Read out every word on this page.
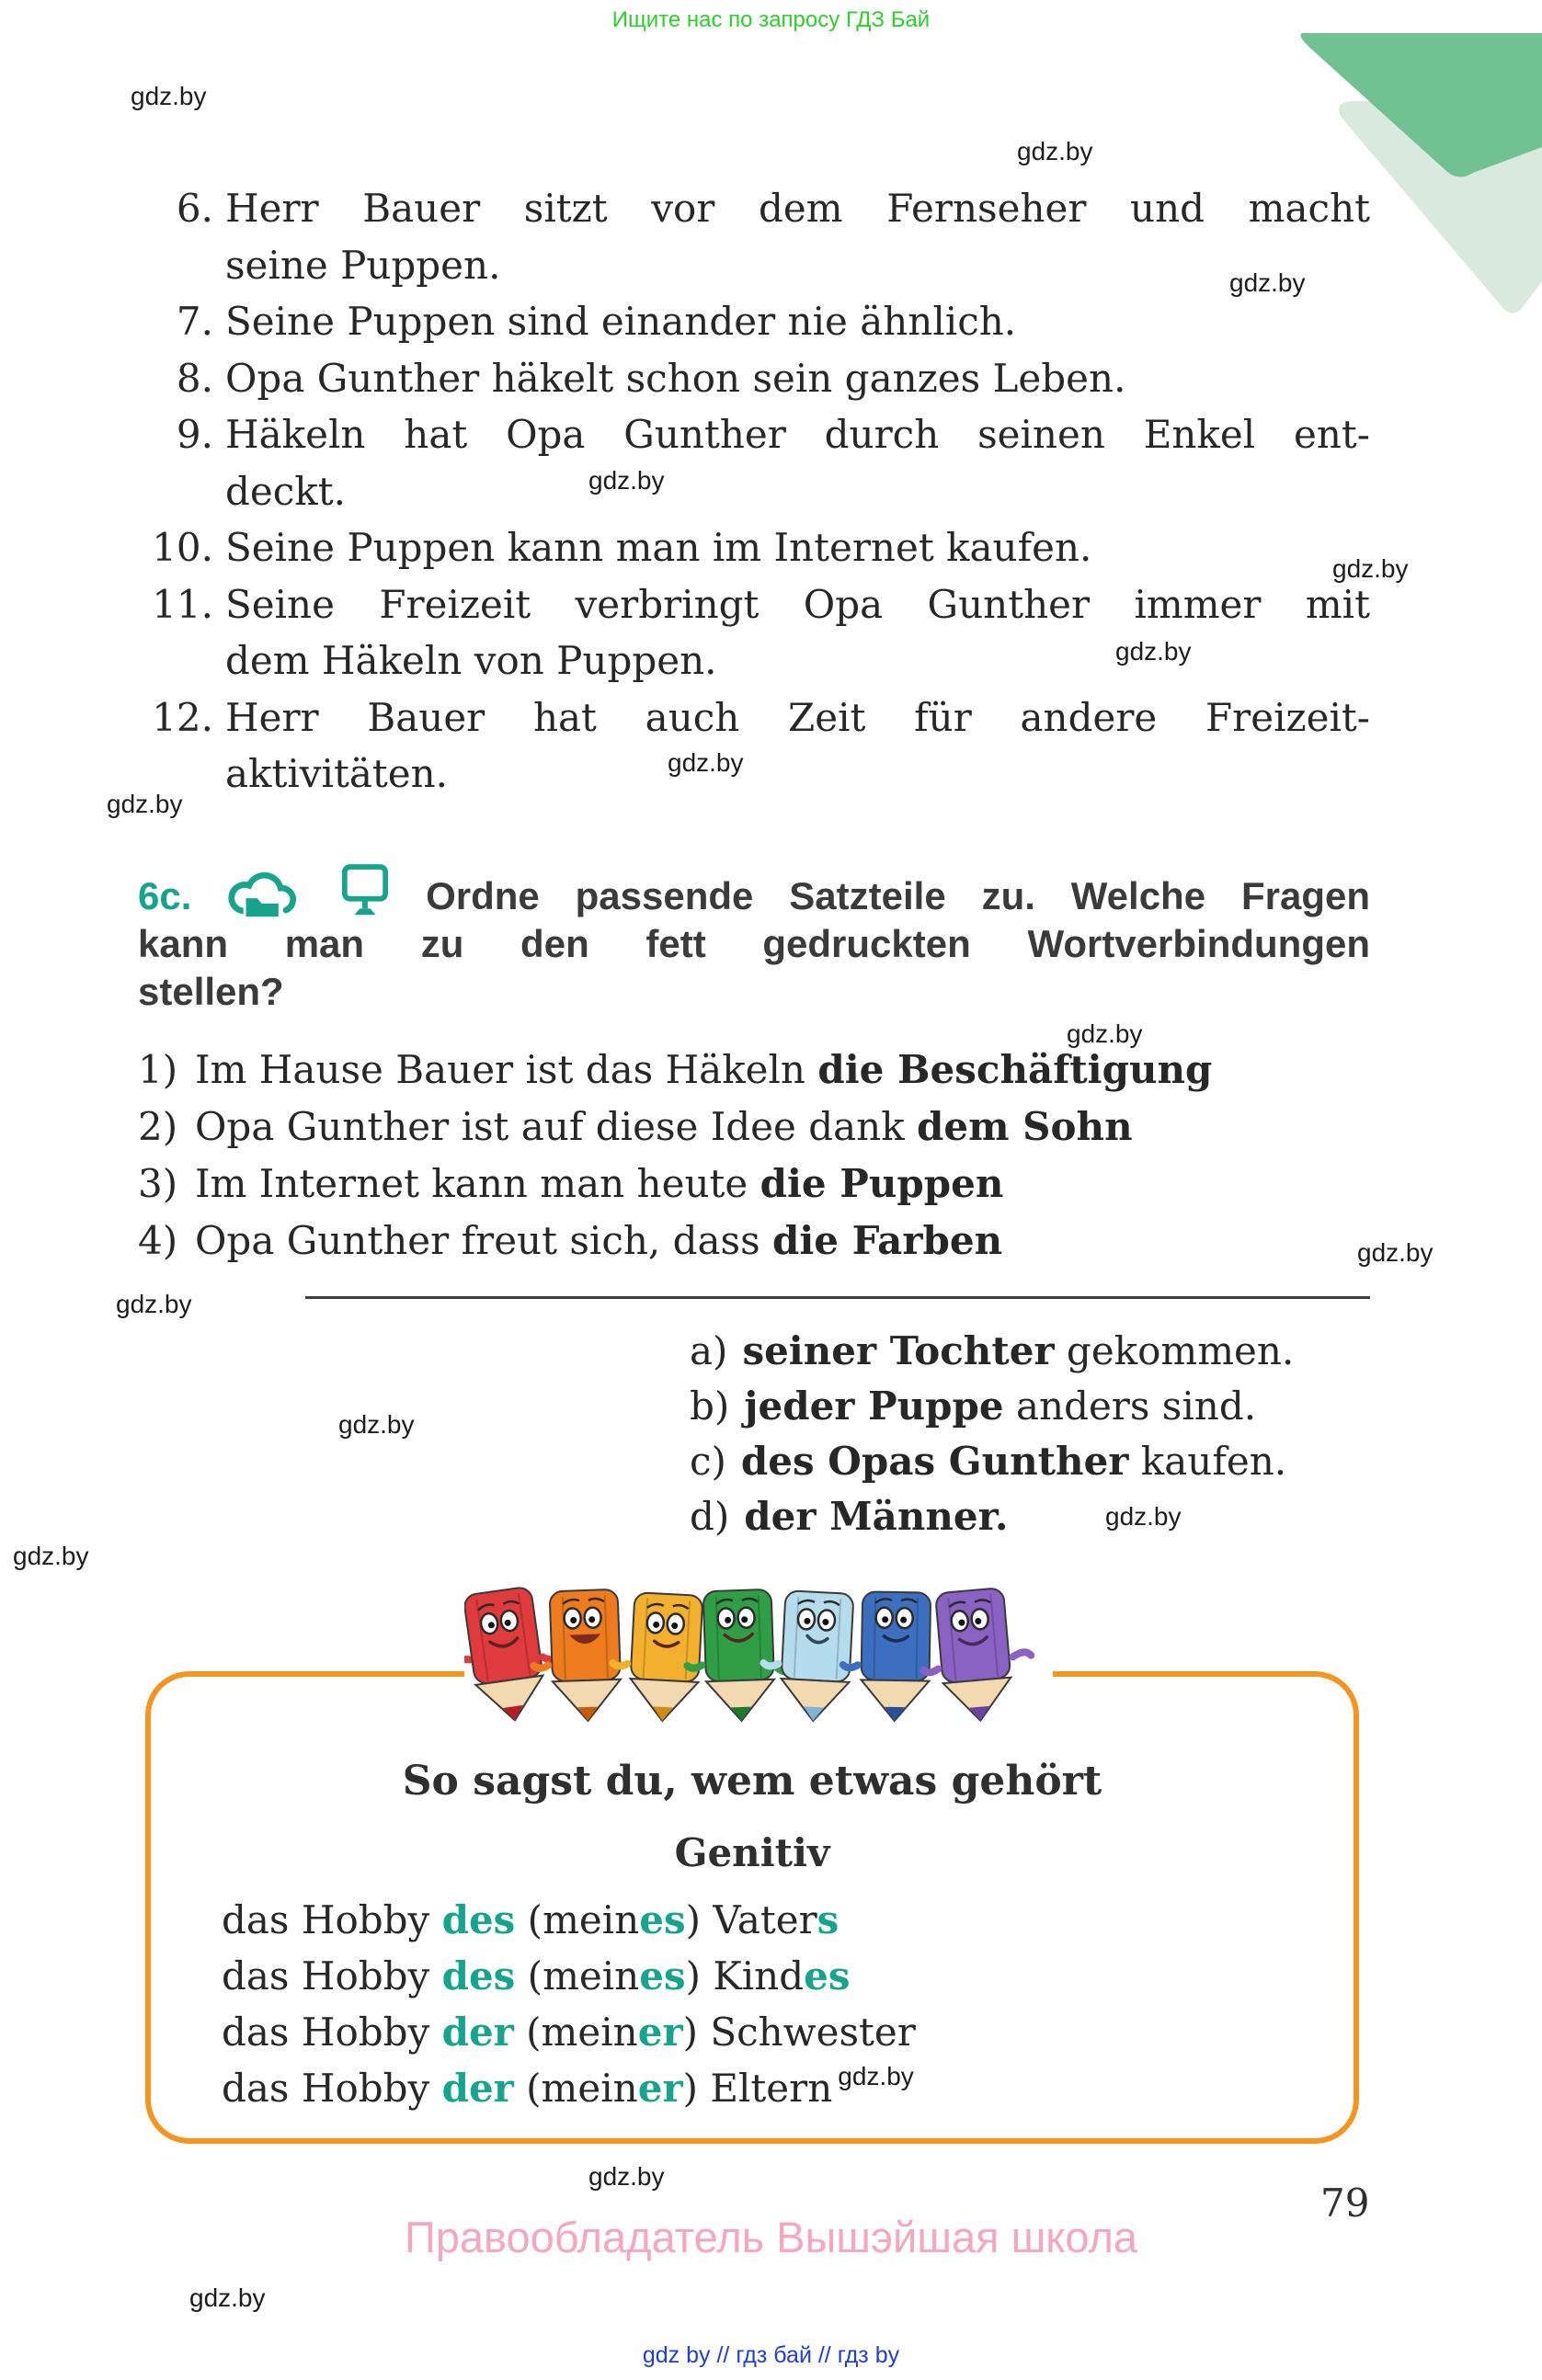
Ищите нас по запросу ГДЗ Бай
gdz.by
gdz.by
gdz.by
gdz.by
gdz.by
gdz.by
gdz.by
gdz.by
gdz.by
gdz.by
gdz.by
gdz.by
gdz.by
gdz.by
gdz.by
gdz.by
6. Herr Bauer sitzt vor dem Fernseher und macht
seine Puppen.
7. Seine Puppen sind einander nie ähnlich.
8. Opa Gunther häkelt schon sein ganzes Leben.
9. Häkeln hat Opa Gunther durch seinen Enkel ent-
deckt.
10. Seine Puppen kann man im Internet kaufen.
11. Seine Freizeit verbringt Opa Gunther immer mit
dem Häkeln von Puppen.
12. Herr Bauer hat auch Zeit für andere Freizeit-
aktivitäten.
6c.	Ordne passende Satzteile zu. Welche Fragen
kann man zu den fett gedruckten Wortverbindungen
stellen?
1) Im Hause Bauer ist das Häkeln die Beschäftigung
2) Opa Gunther ist auf diese Idee dank dem Sohn
3) Im Internet kann man heute die Puppen
4) Opa Gunther freut sich, dass die Farben
a) seiner Tochter gekommen.
b) jeder Puppe anders sind.
c) des Opas Gunther kaufen.
d) der Männer.
So sagst du, wem etwas gehört
Genitiv
das Hobby des (meines) Vaters
das Hobby des (meines) Kindes
das Hobby der (meiner) Schwester
das Hobby der (meiner) Eltern $^{gdz.by}$
79
Правообладатель Вышэйшая школа
gdz by // гдз бай // гдз by
